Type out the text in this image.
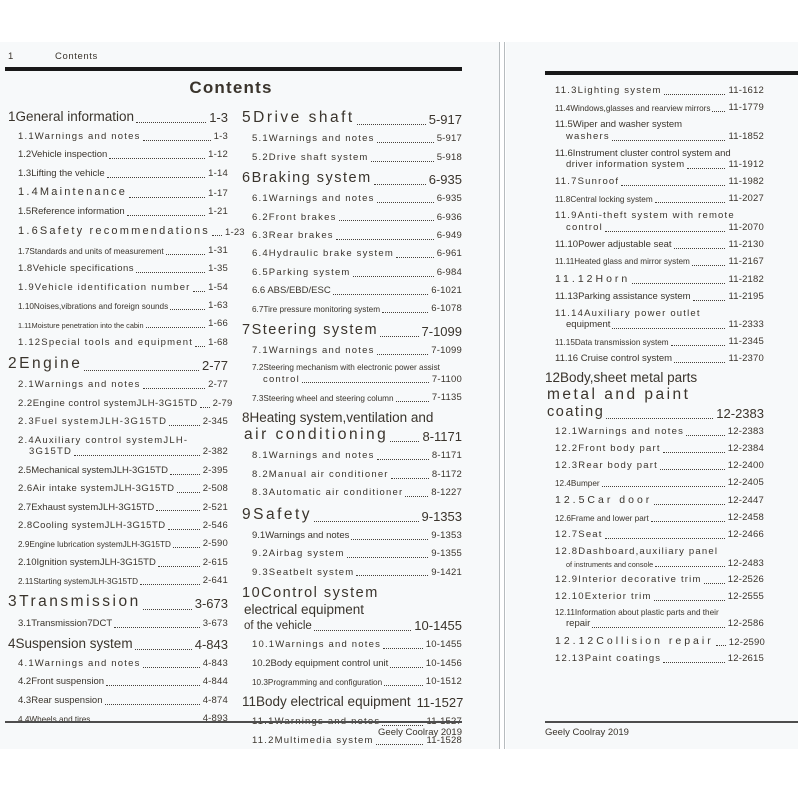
1	Contents
Contents
1General information	1-3
1.1Warnings and notes	1-3
1.2Vehicle inspection	1-12
1.3Lifting the vehicle	1-14
1.4Maintenance	1-17
1.5Reference information	1-21
1.6Safety recommendations 1-23
1.7Standards and units of measurement	1-31
1.8Vehicle specifications	1-35
1.9Vehicle identification number 1-54
1.10Noises,vibrations and foreign sounds	1-63
1.11Moisture penetration into the cabin	1-66
1.12Special tools and equipment 1-68
2Engine	2-77
2.1Warnings and notes	2-77
2.2Engine control systemJLH-3G15TD 2-79
2.3Fuel systemJLH-3G15TD	2-345
2.4Auxiliary control systemJLH-
3G15TD	2-382
2.5Mechanical systemJLH-3G15TD	2-395
2.6Air intake systemJLH-3G15TD	2-508
2.7Exhaust systemJLH-3G15TD	2-521
2.8Cooling systemJLH-3G15TD	2-546
2.9Engine lubrication systemJLH-3G15TD	2-590
2.10Ignition systemJLH-3G15TD	2-615
2.11Starting systemJLH-3G15TD	2-641
3Transmission	3-673
3.1Transmission7DCT	3-673
4Suspension system	4-843
4.1Warnings and notes	4-843
4.2Front suspension	4-844
4.3Rear suspension	4-874
4.4Wheels and tires	4-893
5Drive shaft	5-917
5.1Warnings and notes	5-917
5.2Drive shaft system	5-918
6Braking system	6-935
6.1Warnings and notes	6-935
6.2Front brakes	6-936
6.3Rear brakes	6-949
6.4Hydraulic brake system	6-961
6.5Parking system	6-984
6.6 ABS/EBD/ESC	6-1021
6.7Tire pressure monitoring system	6-1078
7Steering system	7-1099
7.1Warnings and notes	7-1099
7.2Steering mechanism with electronic power assist
control	7-1100
7.3Steering wheel and steering column	7-1135
8Heating system,ventilation and
air conditioning	8-1171
8.1Warnings and notes	8-1171
8.2Manual air conditioner	8-1172
8.3Automatic air conditioner	8-1227
9Safety	9-1353
9.1Warnings and notes	9-1353
9.2Airbag system	9-1355
9.3Seatbelt system	9-1421
10Control system
electrical equipment
of the vehicle	10-1455
10.1Warnings and notes	10-1455
10.2Body equipment control unit	10-1456
10.3Programming and configuration	10-1512
11Body electrical equipment 11-1527
11.1Warnings and notes	11-1527
11.2Multimedia system	11-1528
Geely Coolray 2019
11.3Lighting system	11-1612
11.4Windows,glasses and rearview mirrors 11-1779
11.5Wiper and washer system
washers	11-1852
11.6Instrument cluster control system and
driver information system	11-1912
11.7Sunroof	11-1982
11.8Central locking system	11-2027
11.9Anti-theft system with remote
control	11-2070
11.10Power adjustable seat	11-2130
11.11Heated glass and mirror system	11-2167
11.12Horn	11-2182
11.13Parking assistance system	11-2195
11.14Auxiliary power outlet
equipment	11-2333
11.15Data transmission system	11-2345
11.16 Cruise control system	11-2370
12Body,sheet metal parts
metal and paint
coating	12-2383
12.1Warnings and notes	12-2383
12.2Front body part	12-2384
12.3Rear body part	12-2400
12.4Bumper	12-2405
12.5Car door	12-2447
12.6Frame and lower part	12-2458
12.7Seat	12-2466
12.8Dashboard,auxiliary panel
of instruments and console	12-2483
12.9Interior decorative trim	12-2526
12.10Exterior trim	12-2555
12.11Information about plastic parts and their
repair	12-2586
12.12Collision repair 12-2590
12.13Paint coatings	12-2615
Geely Coolray 2019
